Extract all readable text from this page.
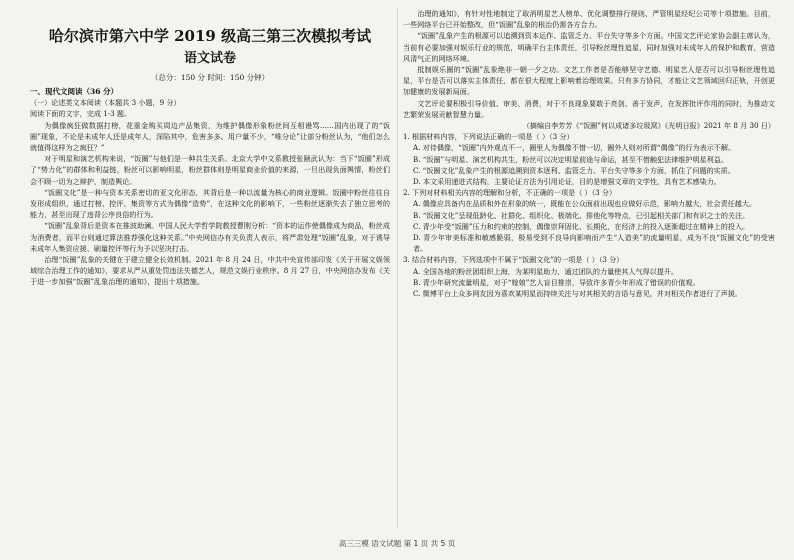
哈尔滨市第六中学 2019 级高三第三次模拟考试
语文试卷
（总分：150 分 时间：150 分钟）
一、现代文阅读（36 分）
（一）论述类文本阅读（本题共 3 小题，9 分）
阅读下面的文字，完成 1-3 题。

为偶像疯狂做数据打榜，花重金购买周边产品集资，为维护偶像形象粉丝间互相谩骂……国内出现了的“饭圈”现象，不论是未成年人还是成年人，深陷其中，危害多多。用户量不少，“唯分论”让部分粉丝认为，“他们怎么就值得这样为之疯狂？”

对于明星和演艺机构来说，“饭圈”与他们是一种共生关系。北京大学中文系教授张颐武认为：当下“饭圈”形成了“势力化”的群体和利益链，粉丝可以影响明星，粉丝群体则是明星商业价值的来源，一旦出现负面舆情，粉丝们会不顾一切为之辩护，制造舆论。

“饭圈文化”是一种与资本关系密切的亚文化形态，其背后是一种以流量为核心的商业逻辑。饭圈中粉丝往往自发形成组织，通过打榜、控评、集资等方式为偶像“造势”，在这种文化的影响下，一些粉丝逐渐失去了独立思考的能力，甚至出现了违背公序良俗的行为。

“饭圈”乱象背后是资本在推波助澜。中国人民大学哲学院教授曹刚分析：“资本的运作使偶像成为商品，粉丝成为消费者，而平台则通过算法推荐强化这种关系。”中央网信办有关负责人表示，将严肃处理“饭圈”乱象，对于诱导未成年人集资应援、刷量控评等行为予以坚决打击。

治理“饭圈”乱象的关键在于建立健全长效机制。2021 年 8 月 24 日，中共中央宣传部印发《关于开展文娱领域综合治理工作的通知》，要求从严从重处罚违法失德艺人，规范文娱行业秩序。8 月 27 日，中央网信办发布《关于进一步加强“饭圈”乱象治理的通知》，提出十项措施。

治理的通知》，有针对性地制定了取消明星艺人榜单、优化调整排行规则、严管明星经纪公司等十项措施。目前，一些网络平台已开始整改，但“饭圈”乱象的根治仍需各方合力。

“饭圈”乱象产生的根源可以追溯到资本运作、监管乏力、平台失守等多个方面。中国文艺评论家协会副主席认为，当前有必要加强对娱乐行业的规范，明确平台主体责任，引导粉丝理性追星，同时加强对未成年人的保护和教育，营造风清气正的网络环境。

抵制娱乐圈的“饭圈”乱象绝非一朝一夕之功。文艺工作者是否能够坚守艺德、明星艺人是否可以引导粉丝理性追星，平台是否可以落实主体责任，都在很大程度上影响着治理效果。只有多方协同，才能让文艺领域回归正轨，开创更加健康的发展新局面。

文艺评论要积极引导价值、审美、消费，对于不良现象要敢于亮剑、善于发声，在发挥批评作用的同时，为推动文艺繁荣发展贡献智慧力量。

（摘编自李芳芳《“饭圈”何以成诸多垃圾窝》《光明日报》2021 年 8 月 30 日）
1. 根据材料内容，下列说法正确的一项是（ ）（3 分）
A. 对待偶像，“饭圈”内外观点不一，圈里人为偶像不惜一切，圈外人则对所谓“偶像”的行为表示不解。
B. “饭圈”与明星、演艺机构共生，粉丝可以决定明星前途与命运，甚至不惜触犯法律维护明星利益。
C. “饭圈文化”乱象产生的根源追溯到资本逐利、监管乏力、平台失守等多个方面，抓住了问题的实质。
D. 本文采用递进式结构，主要论证方法为引用论证，目的是增强文章的文学性，具有艺术感染力。
2. 下列对材料相关内容的理解和分析，不正确的一项是（ ）（3 分）
A. 偶像应具备内在品质和外在形象的统一，既能在公众面前出现也应做好示范，影响力越大，社会责任越大。
B. “饭圈文化”呈现低龄化、社群化、组织化、极端化、排他化等特点，已引起相关部门和有识之士的关注。
C. 青少年受“饭圈”压力和约束的控制，偶像崇拜固化、长期化，在经济上的投入逐渐超过在精神上的投入。
D. 青少年审美标准和敏感脆弱，极易受到不良导向影响而产生“人造美”的流量明星，成为不良“饭圈文化”的受害者。
3. 结合材料内容，下列选项中不属于“饭圈文化”的一项是（ ）（3 分）
A. 全国各地的粉丝团组织上海，为某明星助力，通过团队的力量使其人气得以提升。
B. 青少年研究流量明星，对于“嫁娘”艺人盲目推崇，导致许多青少年形成了错误的价值观。
C. 微博平台上众多网友因为喜欢某明星而持续关注与对其相关的言语与意见，并对相关作者进行了声援。
高三三模 语文试题 第 1 页 共 5 页
